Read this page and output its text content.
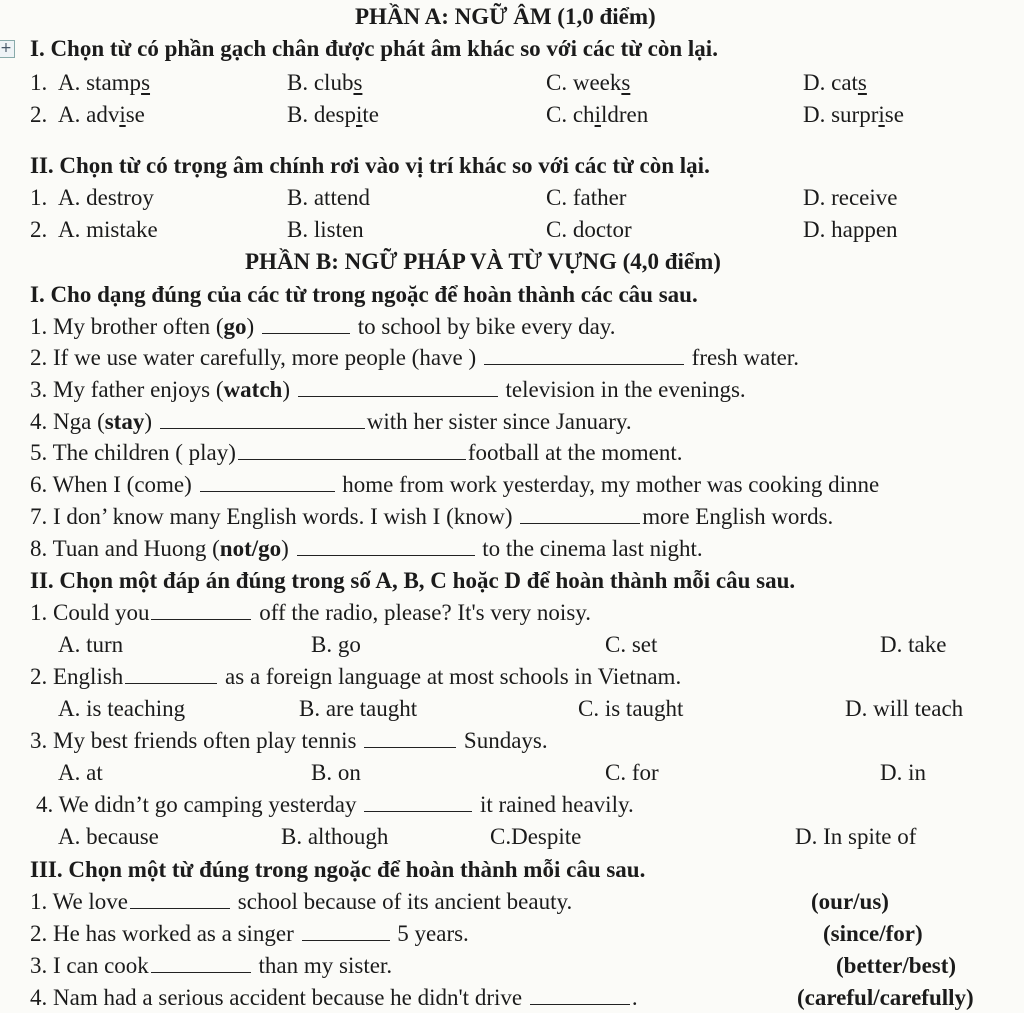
PHẦN A: NGỮ ÂM (1,0 điểm)
+ I. Chọn từ có phần gạch chân được phát âm khác so với các từ còn lại.
1. A. stamps	B. clubs	C. weeks	D. cats
2. A. advise	B. despite	C. children	D. surprise
II. Chọn từ có trọng âm chính rơi vào vị trí khác so với các từ còn lại.
1. A. destroy	B. attend	C. father	D. receive
2. A. mistake	B. listen	C. doctor	D. happen
PHẦN B: NGỮ PHÁP VÀ TỪ VỰNG (4,0 điểm)
I. Cho dạng đúng của các từ trong ngoặc để hoàn thành các câu sau.
1. My brother often (go)	to school by bike every day.
2. If we use water carefully, more people (have )	fresh water.
3. My father enjoys (watch)	television in the evenings.
4. Nga (stay)	with her sister since January.
5. The children ( play)	football at the moment.
6. When I (come)	home from work yesterday, my mother was cooking dinne
7. I don’ know many English words. I wish I (know)	more English words.
8. Tuan and Huong (not/go)	to the cinema last night.
II. Chọn một đáp án đúng trong số A, B, C hoặc D để hoàn thành mỗi câu sau.
1. Could you	off the radio, please? It's very noisy.
A. turn	B. go	C. set	D. take
2. English	as a foreign language at most schools in Vietnam.
A. is teaching	B. are taught	C. is taught	D. will teach
3. My best friends often play tennis	Sundays.
A. at	B. on	C. for	D. in
4. We didn’t go camping yesterday	it rained heavily.
A. because	B. although	C.Despite	D. In spite of
III. Chọn một từ đúng trong ngoặc để hoàn thành mỗi câu sau.
1. We love	school because of its ancient beauty.	(our/us)
2. He has worked as a singer	5 years.	(since/for)
3. I can cook	than my sister.	(better/best)
4. Nam had a serious accident because he didn't drive	.	(careful/carefully)
